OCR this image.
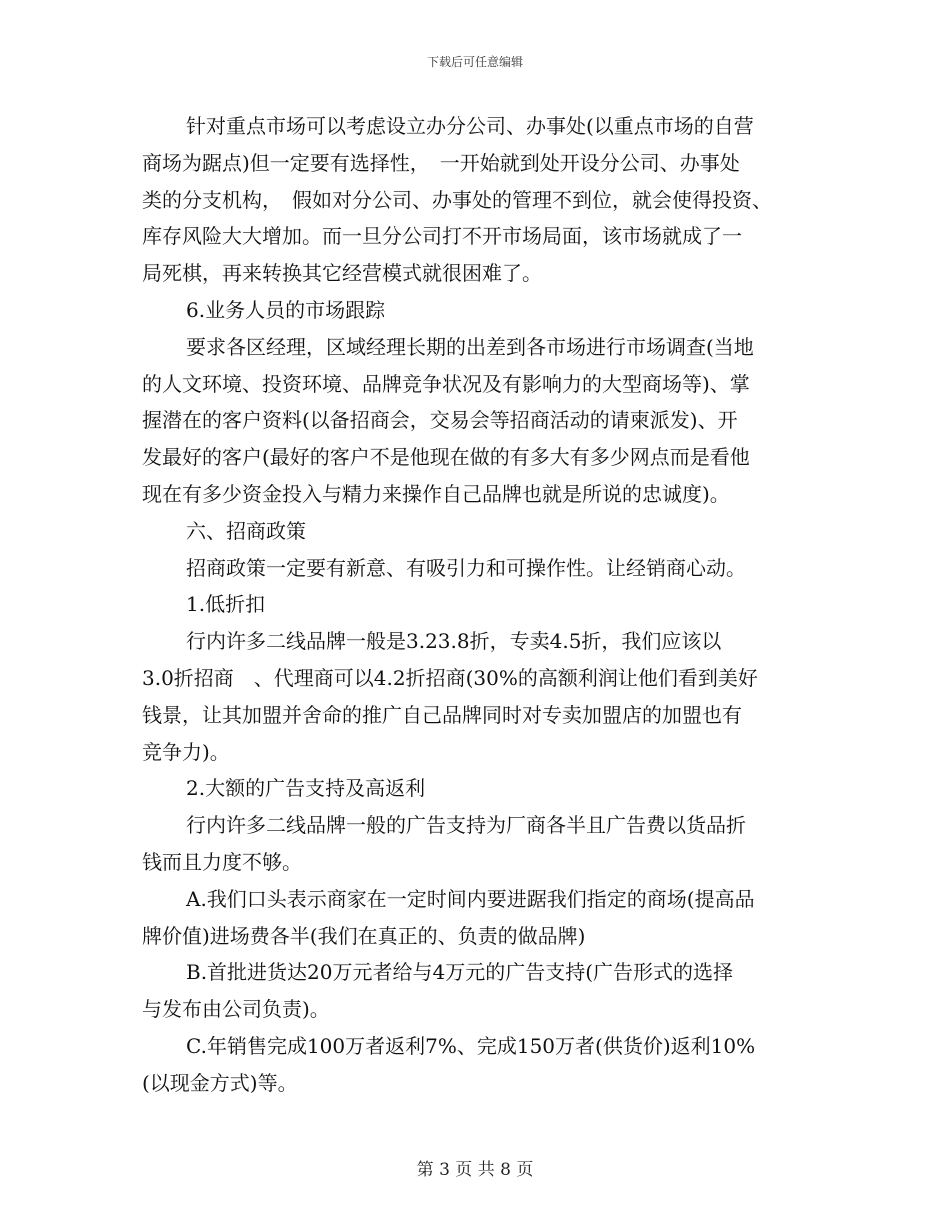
下载后可任意编辑
针对重点市场可以考虑设立办分公司、办事处(以重点市场的自营
商场为踞点)但一定要有选择性，　一开始就到处开设分公司、办事处
类的分支机构，　假如对分公司、办事处的管理不到位，就会使得投资、
库存风险大大增加。而一旦分公司打不开市场局面，该市场就成了一
局死棋，再来转换其它经营模式就很困难了。
6.业务人员的市场跟踪
要求各区经理，区域经理长期的出差到各市场进行市场调查(当地
的人文环境、投资环境、品牌竞争状况及有影响力的大型商场等)、掌
握潜在的客户资料(以备招商会，交易会等招商活动的请柬派发)、开
发最好的客户(最好的客户不是他现在做的有多大有多少网点而是看他
现在有多少资金投入与精力来操作自己品牌也就是所说的忠诚度)。
六、招商政策
招商政策一定要有新意、有吸引力和可操作性。让经销商心动。
1.低折扣
行内许多二线品牌一般是3.23.8折，专卖4.5折，我们应该以
3.0折招商　、代理商可以4.2折招商(30%的高额利润让他们看到美好
钱景，让其加盟并舍命的推广自己品牌同时对专卖加盟店的加盟也有
竞争力)。
2.大额的广告支持及高返利
行内许多二线品牌一般的广告支持为厂商各半且广告费以货品折
钱而且力度不够。
A.我们口头表示商家在一定时间内要进踞我们指定的商场(提高品
牌价值)进场费各半(我们在真正的、负责的做品牌)
B.首批进货达20万元者给与4万元的广告支持(广告形式的选择
与发布由公司负责)。
C.年销售完成100万者返利7%、完成150万者(供货价)返利10%
(以现金方式)等。
第 3 页 共 8 页
